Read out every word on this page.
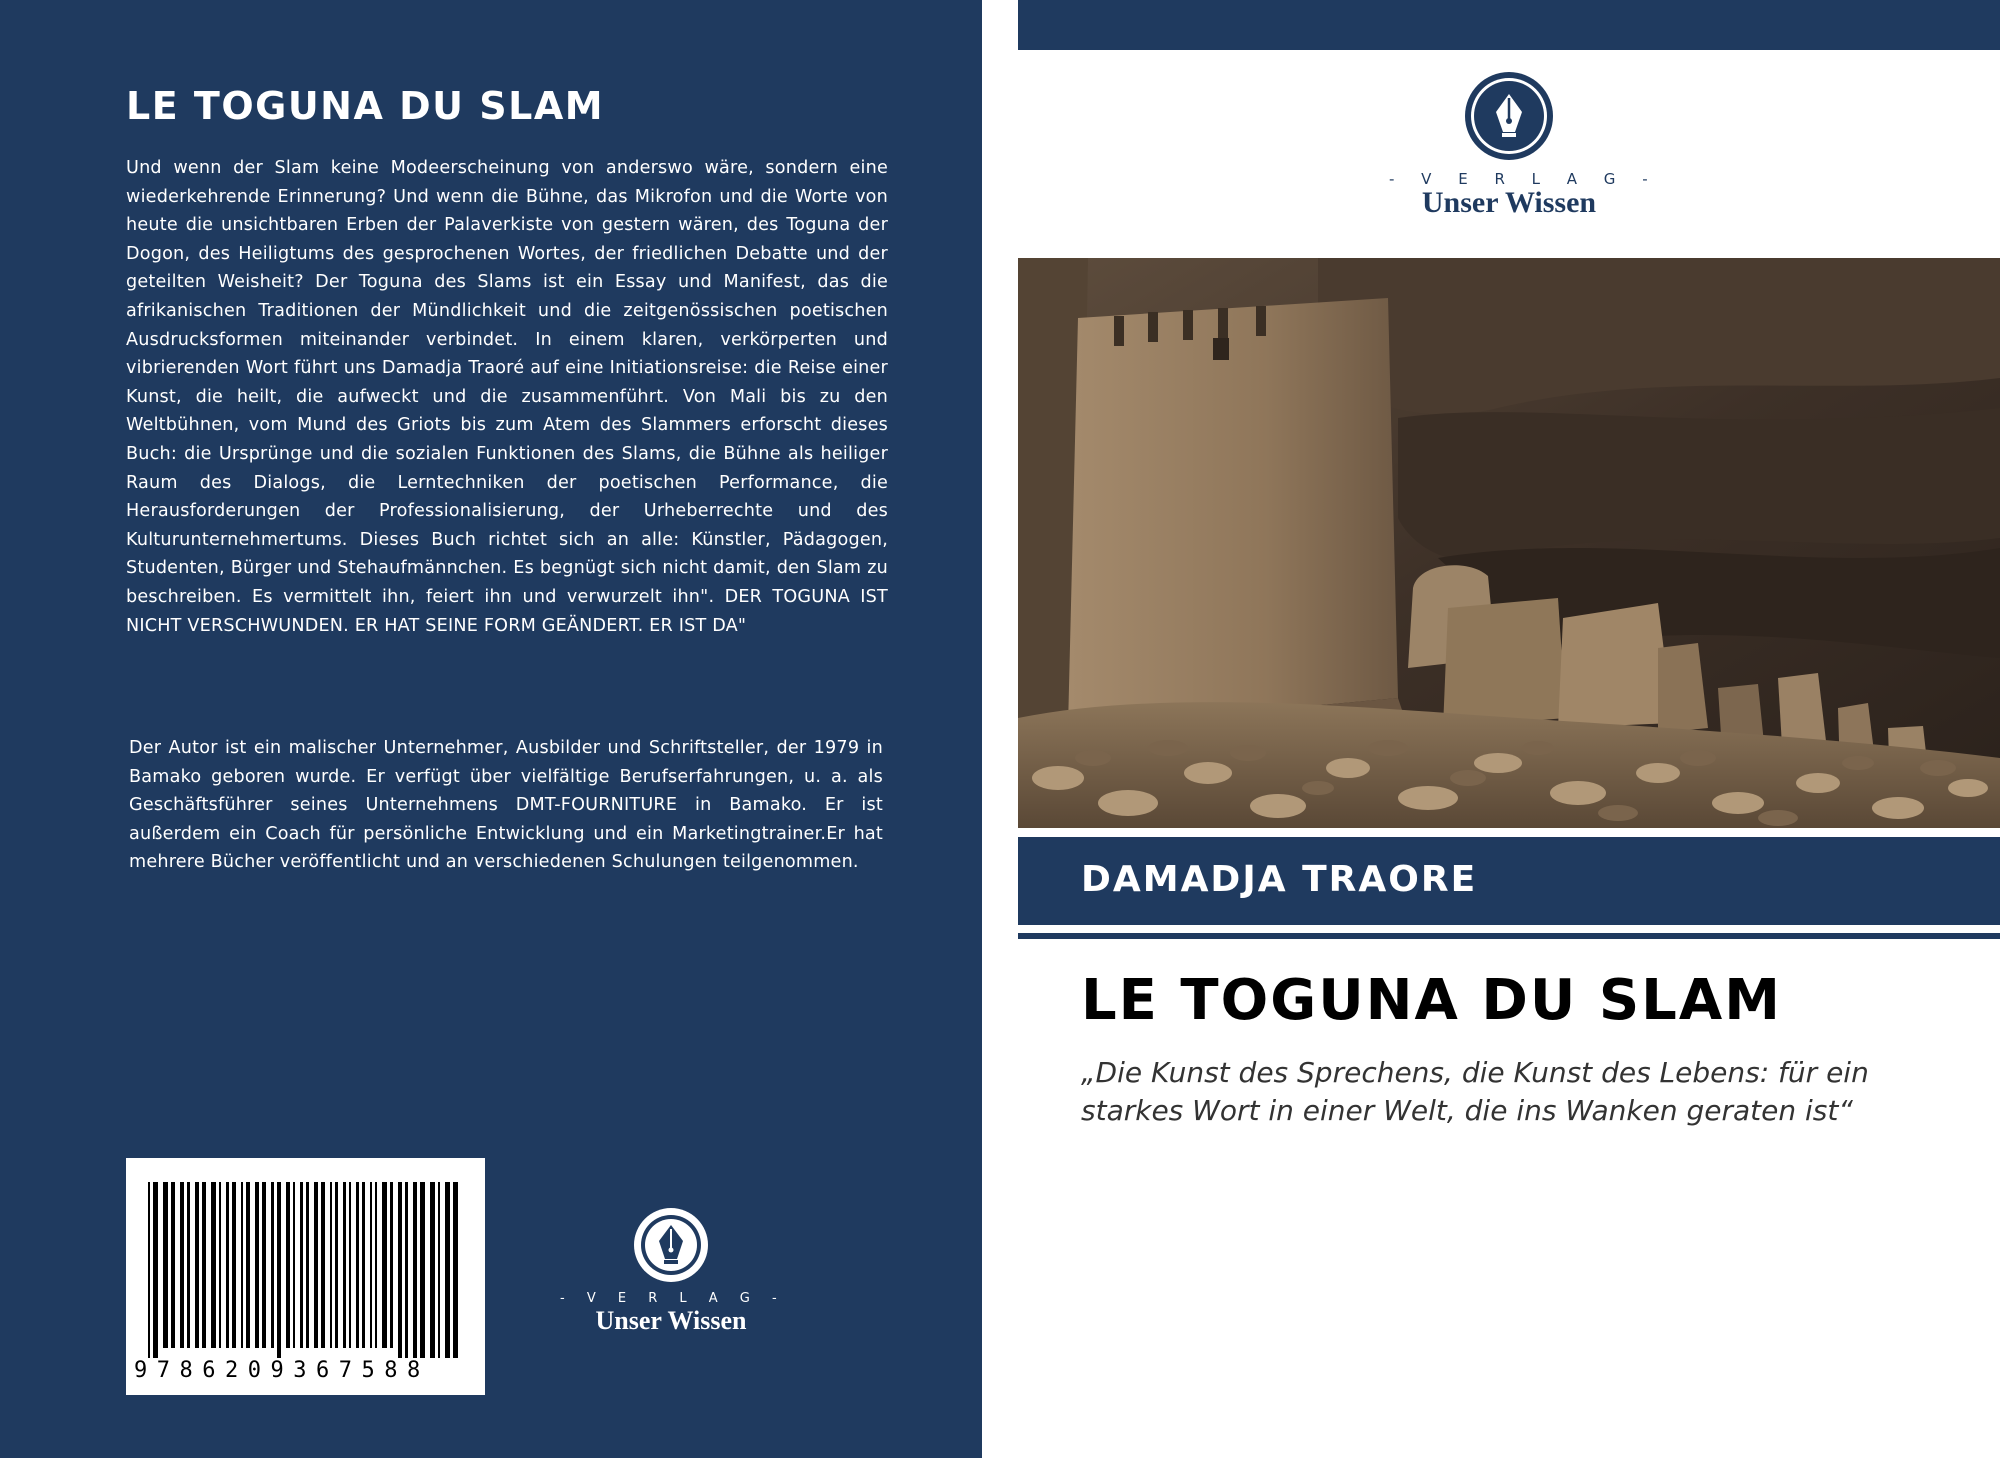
LE TOGUNA DU SLAM

Und wenn der Slam keine Modeerscheinung von anderswo wäre, sondern eine wiederkehrende Erinnerung? Und wenn die Bühne, das Mikrofon und die Worte von heute die unsichtbaren Erben der Palaverkiste von gestern wären, des Toguna der Dogon, des Heiligtums des gesprochenen Wortes, der friedlichen Debatte und der geteilten Weisheit? Der Toguna des Slams ist ein Essay und Manifest, das die afrikanischen Traditionen der Mündlichkeit und die zeitgenössischen poetischen Ausdrucksformen miteinander verbindet. In einem klaren, verkörperten und vibrierenden Wort führt uns Damadja Traoré auf eine Initiationsreise: die Reise einer Kunst, die heilt, die aufweckt und die zusammenführt. Von Mali bis zu den Weltbühnen, vom Mund des Griots bis zum Atem des Slammers erforscht dieses Buch: die Ursprünge und die sozialen Funktionen des Slams, die Bühne als heiliger Raum des Dialogs, die Lerntechniken der poetischen Performance, die Herausforderungen der Professionalisierung, der Urheberrechte und des Kulturunternehmertums. Dieses Buch richtet sich an alle: Künstler, Pädagogen, Studenten, Bürger und Stehaufmännchen. Es begnügt sich nicht damit, den Slam zu beschreiben. Es vermittelt ihn, feiert ihn und verwurzelt ihn". DER TOGUNA IST NICHT VERSCHWUNDEN. ER HAT SEINE FORM GEÄNDERT. ER IST DA"

Der Autor ist ein malischer Unternehmer, Ausbilder und Schriftsteller, der 1979 in Bamako geboren wurde. Er verfügt über vielfältige Berufserfahrungen, u. a. als Geschäftsführer seines Unternehmens DMT-FOURNITURE in Bamako. Er ist außerdem ein Coach für persönliche Entwicklung und ein Marketingtrainer.Er hat mehrere Bücher veröffentlicht und an verschiedenen Schulungen teilgenommen.

9786209367588
- V E R L A G -
Unser Wissen
- V E R L A G -
Unser Wissen
DAMADJA TRAORE
LE TOGUNA DU SLAM

„Die Kunst des Sprechens, die Kunst des Lebens: für ein starkes Wort in einer Welt, die ins Wanken geraten ist“
